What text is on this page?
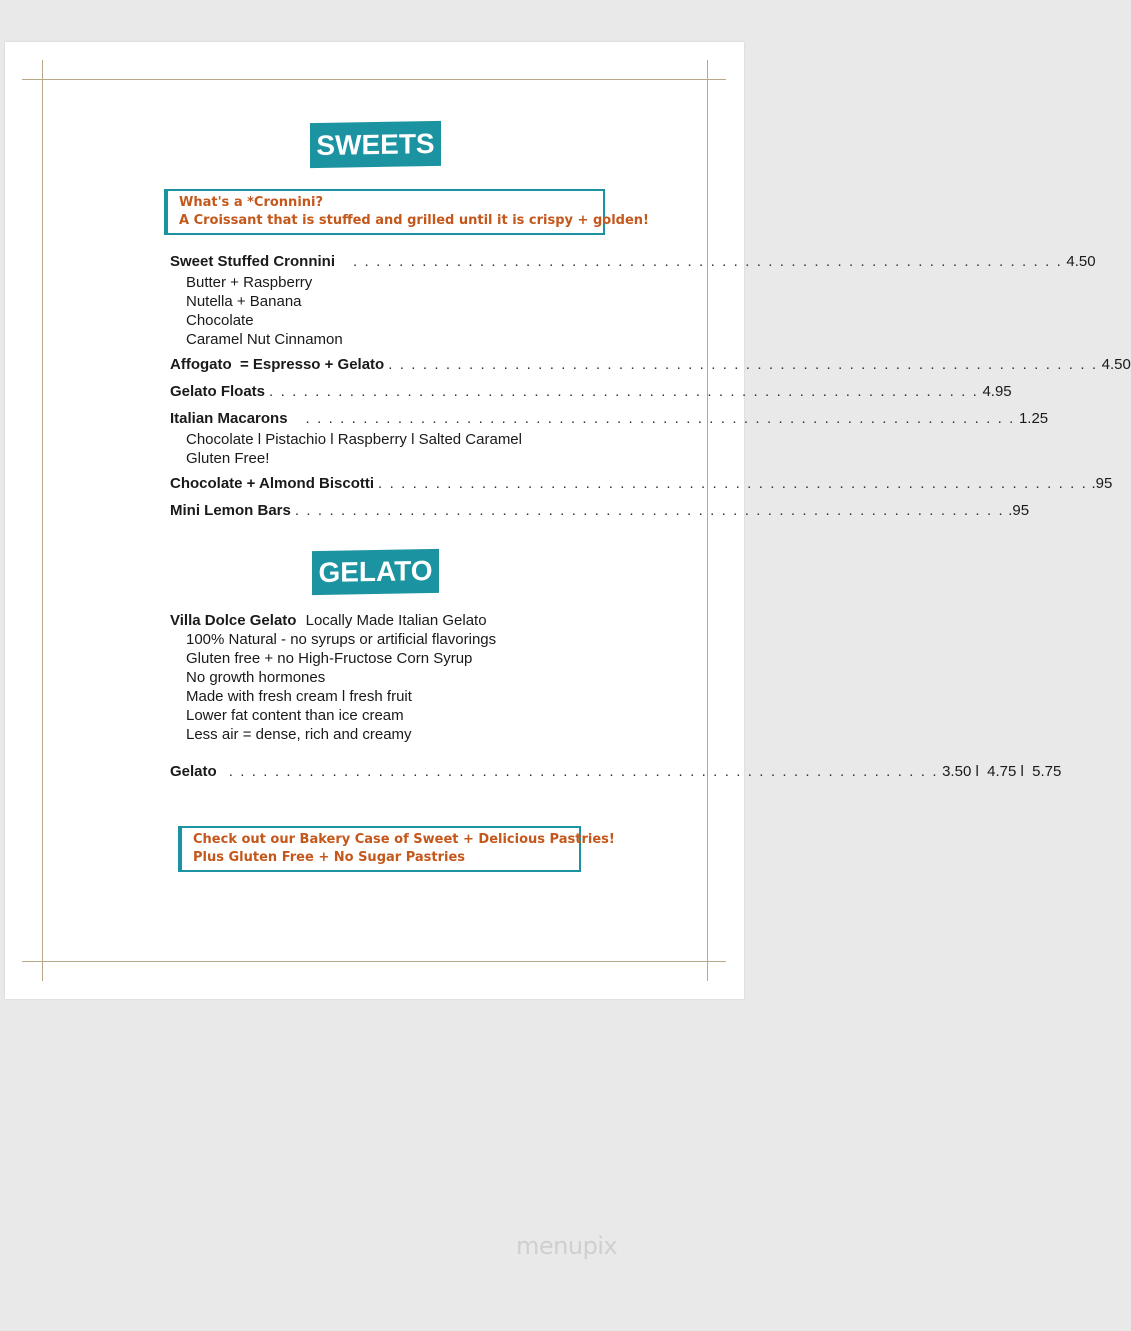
SWEETS
What's a *Cronnini?
A Croissant that is stuffed and grilled until it is crispy + golden!
Sweet Stuffed Cronnini . . . . . . . . . . . . . . . . . . . . . . . . . . . . . . . . . . . . . . . . . . . . . . . . . . . . . . . . . . . . . . 4.50
Butter + Raspberry
Nutella + Banana
Chocolate
Caramel Nut Cinnamon
Affogato  = Espresso + Gelato . . . . . . . . . . . . . . . . . . . . . . . . . . . . . . . . . . . . . . . . . . . . . . . . . . . . . . . . . . . . . . 4.50
Gelato Floats . . . . . . . . . . . . . . . . . . . . . . . . . . . . . . . . . . . . . . . . . . . . . . . . . . . . . . . . . . . . . . 4.95
Italian Macarons . . . . . . . . . . . . . . . . . . . . . . . . . . . . . . . . . . . . . . . . . . . . . . . . . . . . . . . . . . . . . . 1.25
Chocolate l Pistachio l Raspberry l Salted Caramel
Gluten Free!
Chocolate + Almond Biscotti . . . . . . . . . . . . . . . . . . . . . . . . . . . . . . . . . . . . . . . . . . . . . . . . . . . . . . . . . . . . . . .95
Mini Lemon Bars . . . . . . . . . . . . . . . . . . . . . . . . . . . . . . . . . . . . . . . . . . . . . . . . . . . . . . . . . . . . . . .95
GELATO
Villa Dolce Gelato Locally Made Italian Gelato
100% Natural - no syrups or artificial flavorings
Gluten free + no High-Fructose Corn Syrup
No growth hormones
Made with fresh cream l fresh fruit
Lower fat content than ice cream
Less air = dense, rich and creamy
Gelato . . . . . . . . . . . . . . . . . . . . . . . . . . . . . . . . . . . . . . . . . . . . . . . . . . . . . . . . . . . . . . 3.50 l  4.75 l  5.75
Check out our Bakery Case of Sweet + Delicious Pastries!
Plus Gluten Free + No Sugar Pastries
menupix
